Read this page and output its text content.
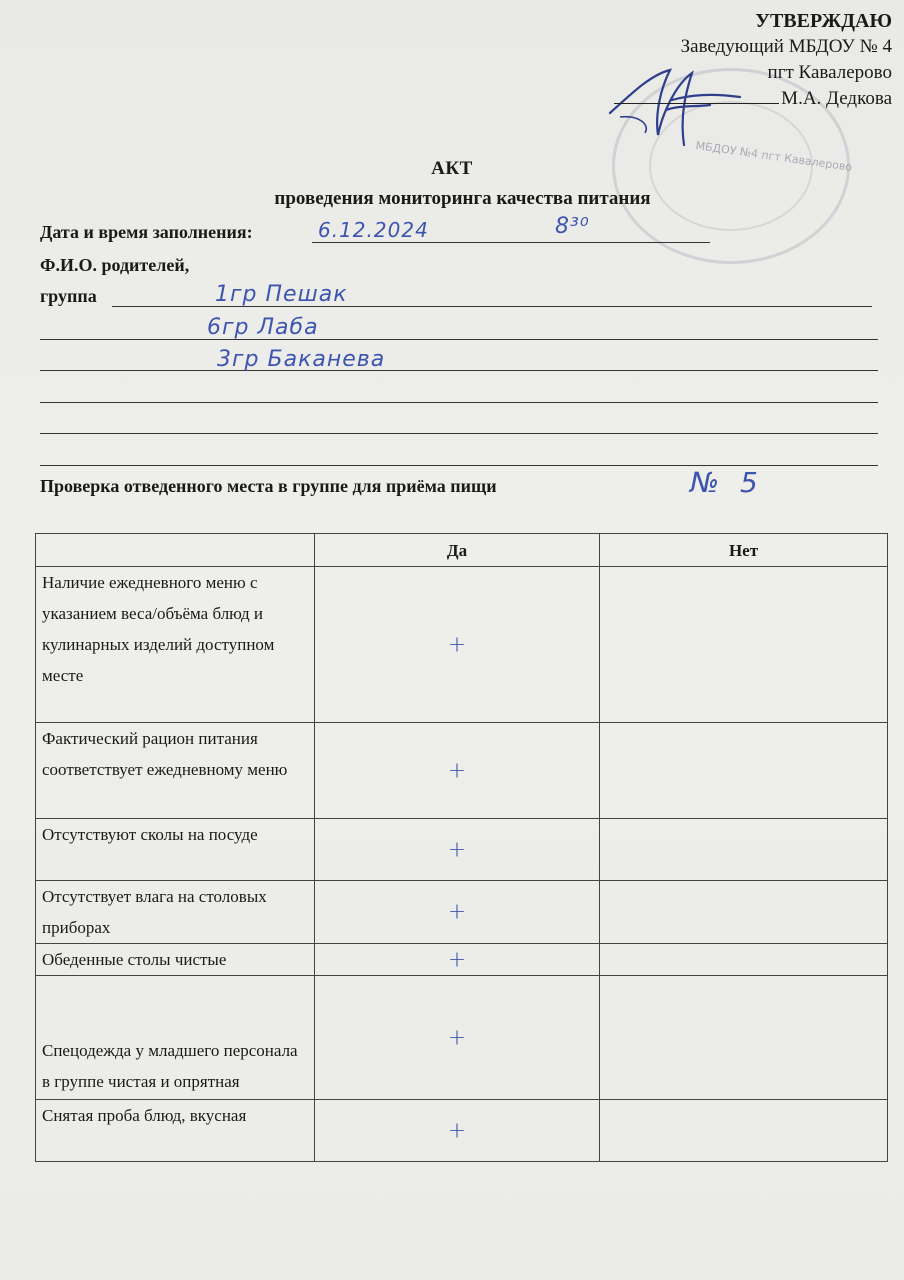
МБДОУ №4 пгт Кавалерово
УТВЕРЖДАЮ
Заведующий МБДОУ № 4
пгт Кавалерово
М.А. Дедкова
АКТ
проведения мониторинга качества питания
Дата и время заполнения:	6.12.2024	8³⁰
Ф.И.О. родителей,
группа	1гр Пешак
6гр Лаба
3гр Баканева
Проверка отведенного места в группе для приёма пищи	№ 5
	Да	Нет
Наличие ежедневного меню с указанием веса/объёма блюд и кулинарных изделий доступном месте	+	

Фактический рацион питания соответствует ежедневному меню	+	

Отсутствуют сколы на посуде	+	

Отсутствует влага на столовых приборах	+	

Обеденные столы чистые	+	

Спецодежда у младшего персонала в группе чистая и опрятная	+	

Снятая проба блюд, вкусная	+	
